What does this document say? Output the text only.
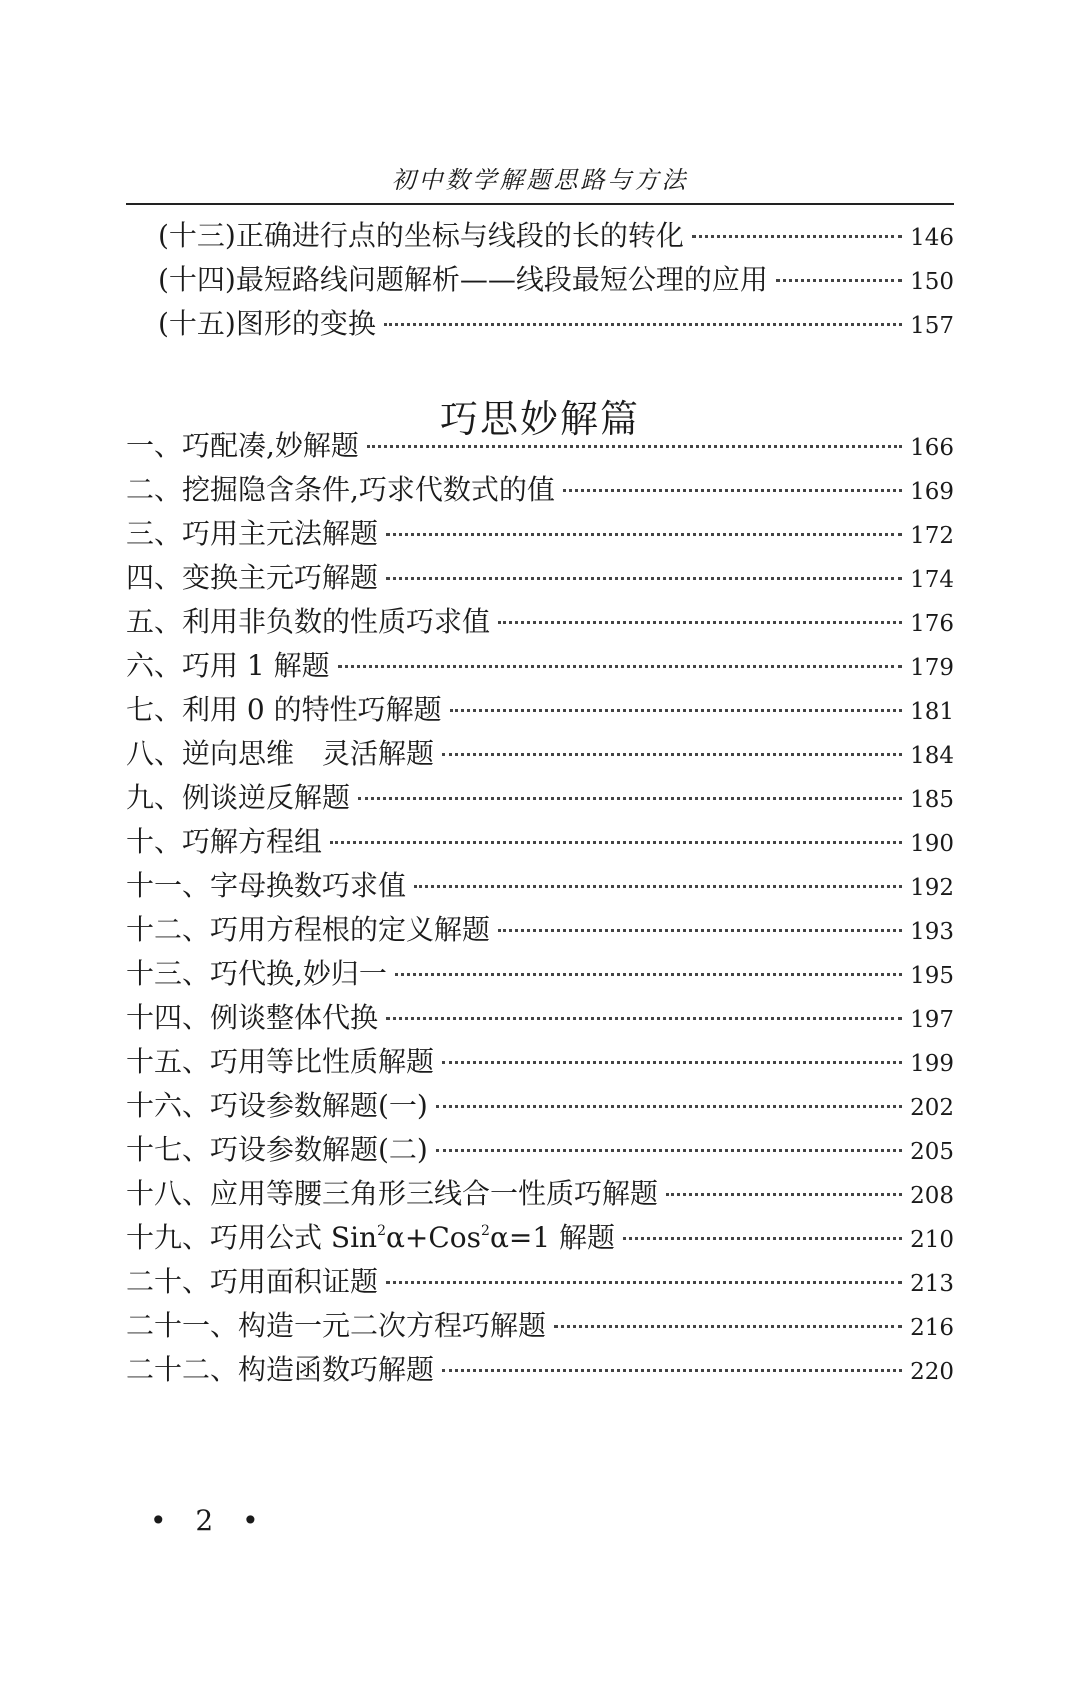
初中数学解题思路与方法
(十三)正确进行点的坐标与线段的长的转化	146
(十四)最短路线问题解析——线段最短公理的应用	150
(十五)图形的变换	157
巧思妙解篇
一、巧配凑,妙解题	166
二、挖掘隐含条件,巧求代数式的值	169
三、巧用主元法解题	172
四、变换主元巧解题	174
五、利用非负数的性质巧求值	176
六、巧用 1 解题	179
七、利用 0 的特性巧解题	181
八、逆向思维　灵活解题	184
九、例谈逆反解题	185
十、巧解方程组	190
十一、字母换数巧求值	192
十二、巧用方程根的定义解题	193
十三、巧代换,妙归一	195
十四、例谈整体代换	197
十五、巧用等比性质解题	199
十六、巧设参数解题(一)	202
十七、巧设参数解题(二)	205
十八、应用等腰三角形三线合一性质巧解题	208
十九、巧用公式 Sin$^2$α+Cos$^2$α=1 解题	210
二十、巧用面积证题	213
二十一、构造一元二次方程巧解题	216
二十二、构造函数巧解题	220
• 2 •
